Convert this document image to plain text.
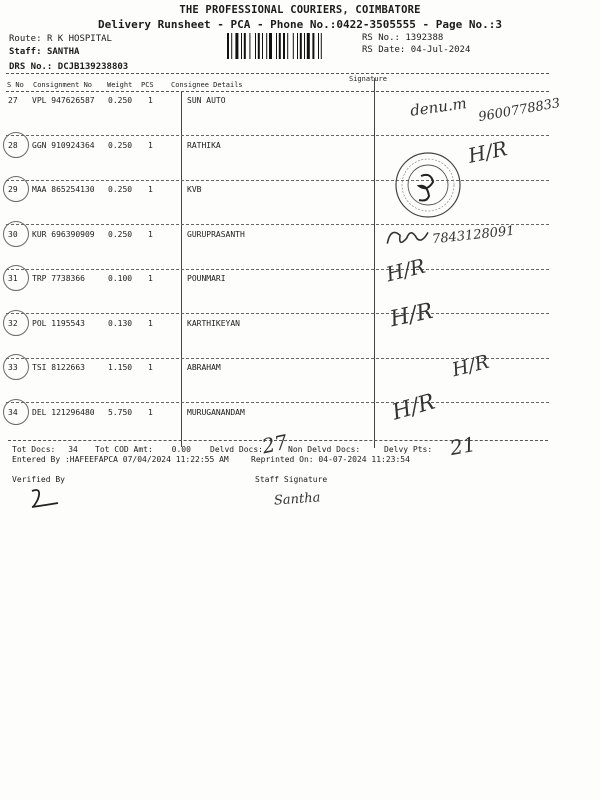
THE PROFESSIONAL COURIERS, COIMBATORE
Delivery Runsheet - PCA - Phone No.:0422-3505555 - Page No.:3
Route: R K HOSPITAL
Staff: SANTHA
DRS No.: DCJB139238803
RS No.: 1392388
RS Date: 04-Jul-2024
S No Consignment No Weight PCS Consignee Details
Signature
27 VPL 947626587 0.250 1	SUN AUTO
28 GGN 910924364 0.250 1	RATHIKA
29 MAA 865254130 0.250 1	KVB
30 KUR 696390909 0.250 1	GURUPRASANTH
31 TRP 7738366	0.100 1	POUNMARI
32 POL 1195543	0.130 1	KARTHIKEYAN
33 TSI 8122663	1.150 1	ABRAHAM
34 DEL 121296480 5.750 1	MURUGANANDAM
denu.m 9600778833
H/R
7843128091
H/R
H/R
H/R
H/R
Tot Docs: 34 Tot COD Amt: 0.00 Delvd Docs:	Non Delvd Docs:	Delvy Pts:
27	21
Entered By :HAFEEFAPCA 07/04/2024 11:22:55 AM	Reprinted On: 04-07-2024 11:23:54
Verified By	Staff Signature
Santha
